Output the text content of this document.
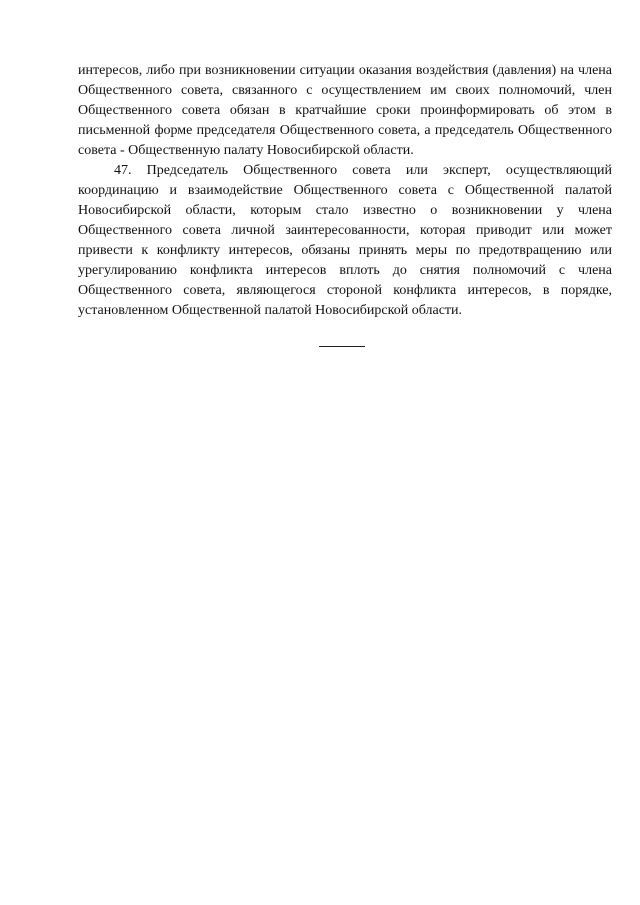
интересов, либо при возникновении ситуации оказания воздействия (давления) на члена Общественного совета, связанного с осуществлением им своих полномочий, член Общественного совета обязан в кратчайшие сроки проинформировать об этом в письменной форме председателя Общественного совета, а председатель Общественного совета - Общественную палату Новосибирской области.

47. Председатель Общественного совета или эксперт, осуществляющий координацию и взаимодействие Общественного совета с Общественной палатой Новосибирской области, которым стало известно о возникновении у члена Общественного совета личной заинтересованности, которая приводит или может привести к конфликту интересов, обязаны принять меры по предотвращению или урегулированию конфликта интересов вплоть до снятия полномочий с члена Общественного совета, являющегося стороной конфликта интересов, в порядке, установленном Общественной палатой Новосибирской области.
